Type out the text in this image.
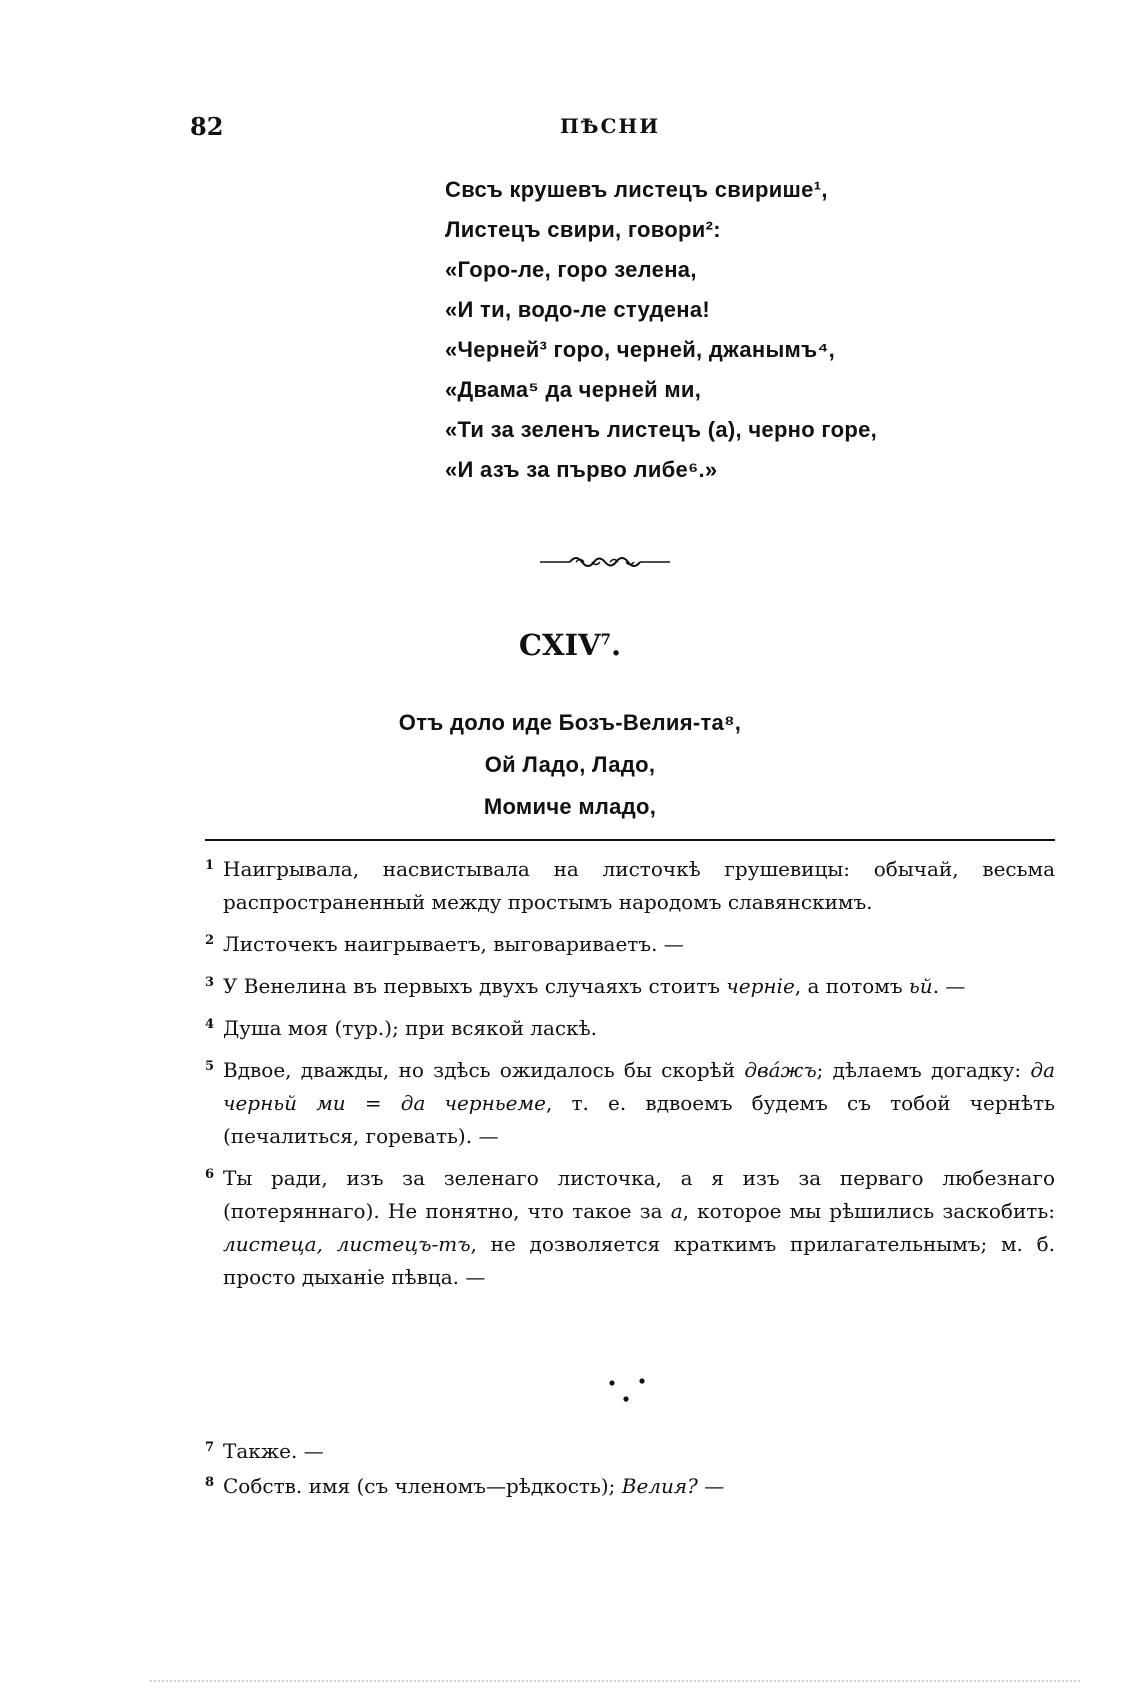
82	ПѢСНИ
Свсъ крушевъ листецъ свирише¹,
Листецъ свири, говори²:
«Горо-ле, горо зелена,
«И ти, водо-ле студена!
«Черней³ горо, черней, джанымъ⁴,
«Двама⁵ да черней ми,
«Ти за зеленъ листецъ (а), черно горе,
«И азъ за първо либе⁶.»
CXIV$^7$.
Отъ доло иде Бозъ-Велия-та⁸,
Ой Ладо, Ладо,
Момиче младо,
1 Наигрывала, насвистывала на листочкѣ грушевицы: обычай, весьма распространенный между простымъ народомъ славянскимъ.
2 Листочекъ наигрываетъ, выговариваетъ. —
3 У Венелина въ первыхъ двухъ случаяхъ стоитъ черніе, а потомъ ьй. —
4 Душа моя (тур.); при всякой ласкѣ.
5 Вдвое, дважды, но здѣсь ожидалось бы скорѣй двáжъ; дѣлаемъ догадку: да черньй ми = да черньеме, т. е. вдвоемъ будемъ съ тобой чернѣть (печалиться, горевать). —
6 Ты ради, изъ за зеленаго листочка, а я изъ за перваго любезнаго (потеряннаго). Не понятно, что такое за а, которое мы рѣшились заскобить: листеца, листецъ-тъ, не дозволяется краткимъ прилагательнымъ; м. б. просто дыханіе пѣвца. —
7 Также. —
8 Собств. имя (съ членомъ—рѣдкость); Велия? —
